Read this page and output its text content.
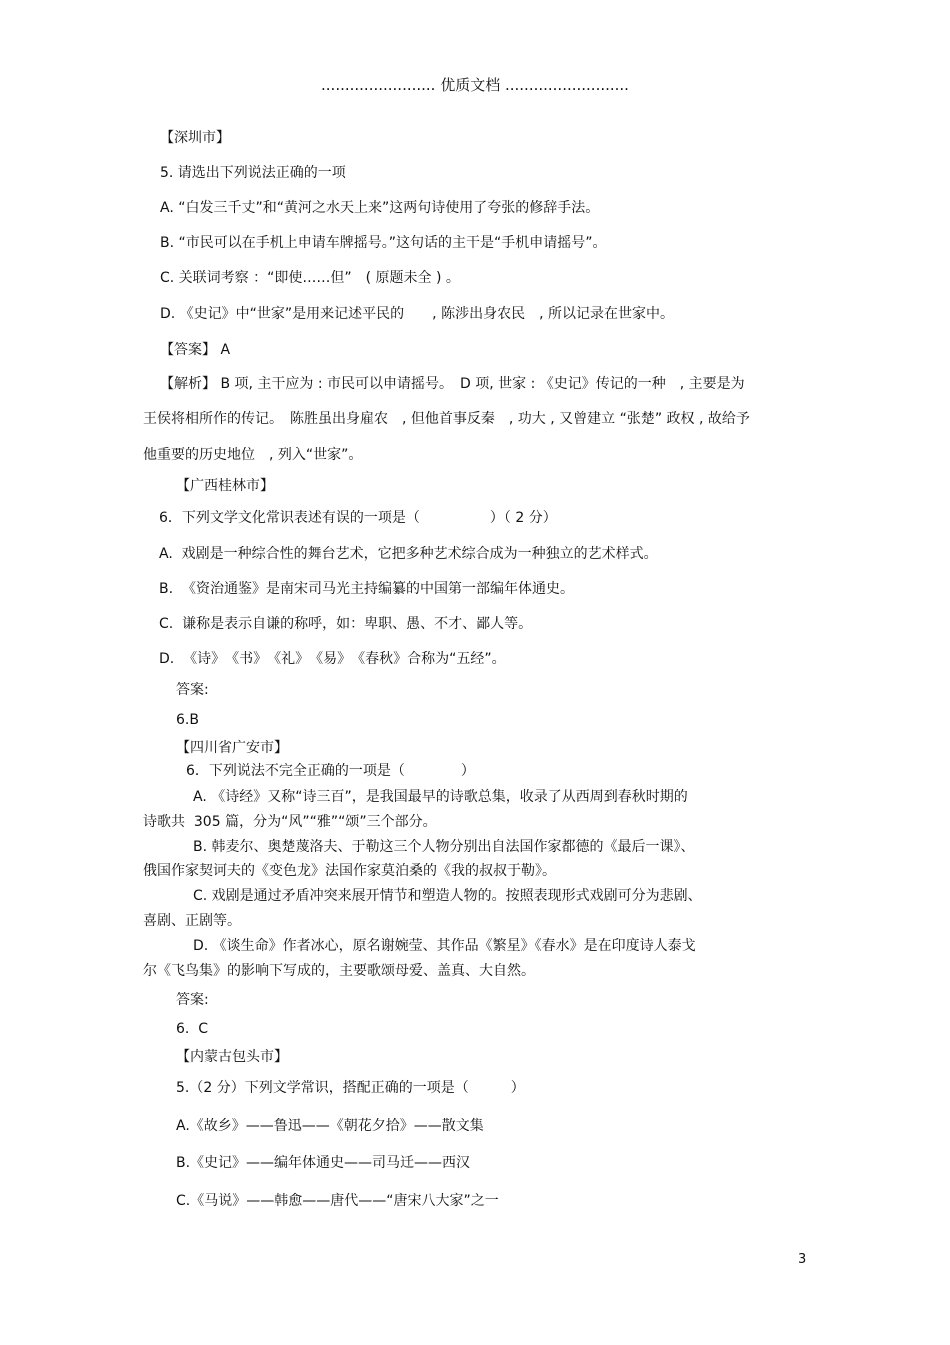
........................ 优质文档 ..........................
【深圳市】
5. 请选出下列说法正确的一项
A. “白发三千丈”和“黄河之水天上来”这两句诗使用了夸张的修辞手法。
B. “市民可以在手机上申请车牌摇号。”这句话的主干是“手机申请摇号”。
C. 关联词考察 ：“即使……但”　( 原题未全 ) 。
D. 《史记》中“世家”是用来记述平民的　　, 陈涉出身农民　, 所以记录在世家中。
【答案】 A
【解析】 B 项, 主干应为 : 市民可以申请摇号。　D 项, 世家 : 《史记》传记的一种　, 主要是为
王侯将相所作的传记。　陈胜虽出身雇农　, 但他首事反秦　, 功大 , 又曾建立 “张楚” 政权 , 故给予
他重要的历史地位　, 列入“世家”。
【广西桂林市】
6．下列文学文化常识表述有误的一项是（　　　　　）（ 2 分）
A.  戏剧是一种综合性的舞台艺术，它把多种艺术综合成为一种独立的艺术样式。
B.  《资治通鉴》是南宋司马光主持编纂的中国第一部编年体通史。
C.  谦称是表示自谦的称呼，如：卑职、愚、不才、鄙人等。
D.  《诗》　《书》　《礼》　《易》　《春秋》合称为“五经”。
答案:
6.B
【四川省广安市】
6．下列说法不完全正确的一项是（　　　　）
A. 《诗经》又称“诗三百”，是我国最早的诗歌总集，收录了从西周到春秋时期的
诗歌共  305 篇，分为“风”“雅”“颂”三个部分。
B. 韩麦尔、奥楚蔑洛夫、于勒这三个人物分别出自法国作家都德的《最后一课》、
俄国作家契诃夫的《变色龙》法国作家莫泊桑的《我的叔叔于勒》。
C. 戏剧是通过矛盾冲突来展开情节和塑造人物的。按照表现形式戏剧可分为悲剧、
喜剧、正剧等。
D. 《谈生命》作者冰心，原名谢婉莹、其作品《繁星》《春水》是在印度诗人泰戈
尔《飞鸟集》的影响下写成的，主要歌颂母爱、盖真、大自然。
答案:
6.  C
【内蒙古包头市】
5.（2 分）下列文学常识，搭配正确的一项是（　　　）
A.《故乡》——鲁迅——《朝花夕拾》——散文集
B.《史记》——编年体通史——司马迁——西汉
C.《马说》——韩愈——唐代——“唐宋八大家”之一
3
